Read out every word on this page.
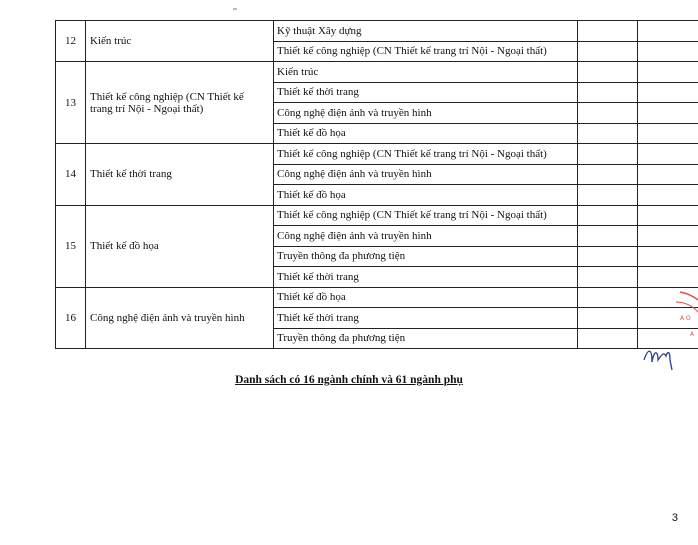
12	Kiến trúc	Kỹ thuật Xây dựng		
		Thiết kế công nghiệp (CN Thiết kế trang trí Nội - Ngoại thất)		
13	Thiết kế công nghiệp (CN Thiết kế trang trí Nội - Ngoại thất)	Kiến trúc		
		Thiết kế thời trang		
		Công nghệ điện ảnh và truyền hình		
		Thiết kế đồ họa		
14	Thiết kế thời trang	Thiết kế công nghiệp (CN Thiết kế trang trí Nội - Ngoại thất)		
		Công nghệ điện ảnh và truyền hình		
		Thiết kế đồ họa		
15	Thiết kế đồ họa	Thiết kế công nghiệp (CN Thiết kế trang trí Nội - Ngoại thất)		
		Công nghệ điện ảnh và truyền hình		
		Truyền thông đa phương tiện		
		Thiết kế thời trang		
16	Công nghệ điện ảnh và truyền hình	Thiết kế đồ họa		
		Thiết kế thời trang		
		Truyền thông đa phương tiện		
Danh sách có 16 ngành chính và 61 ngành phụ
3
A O
A
